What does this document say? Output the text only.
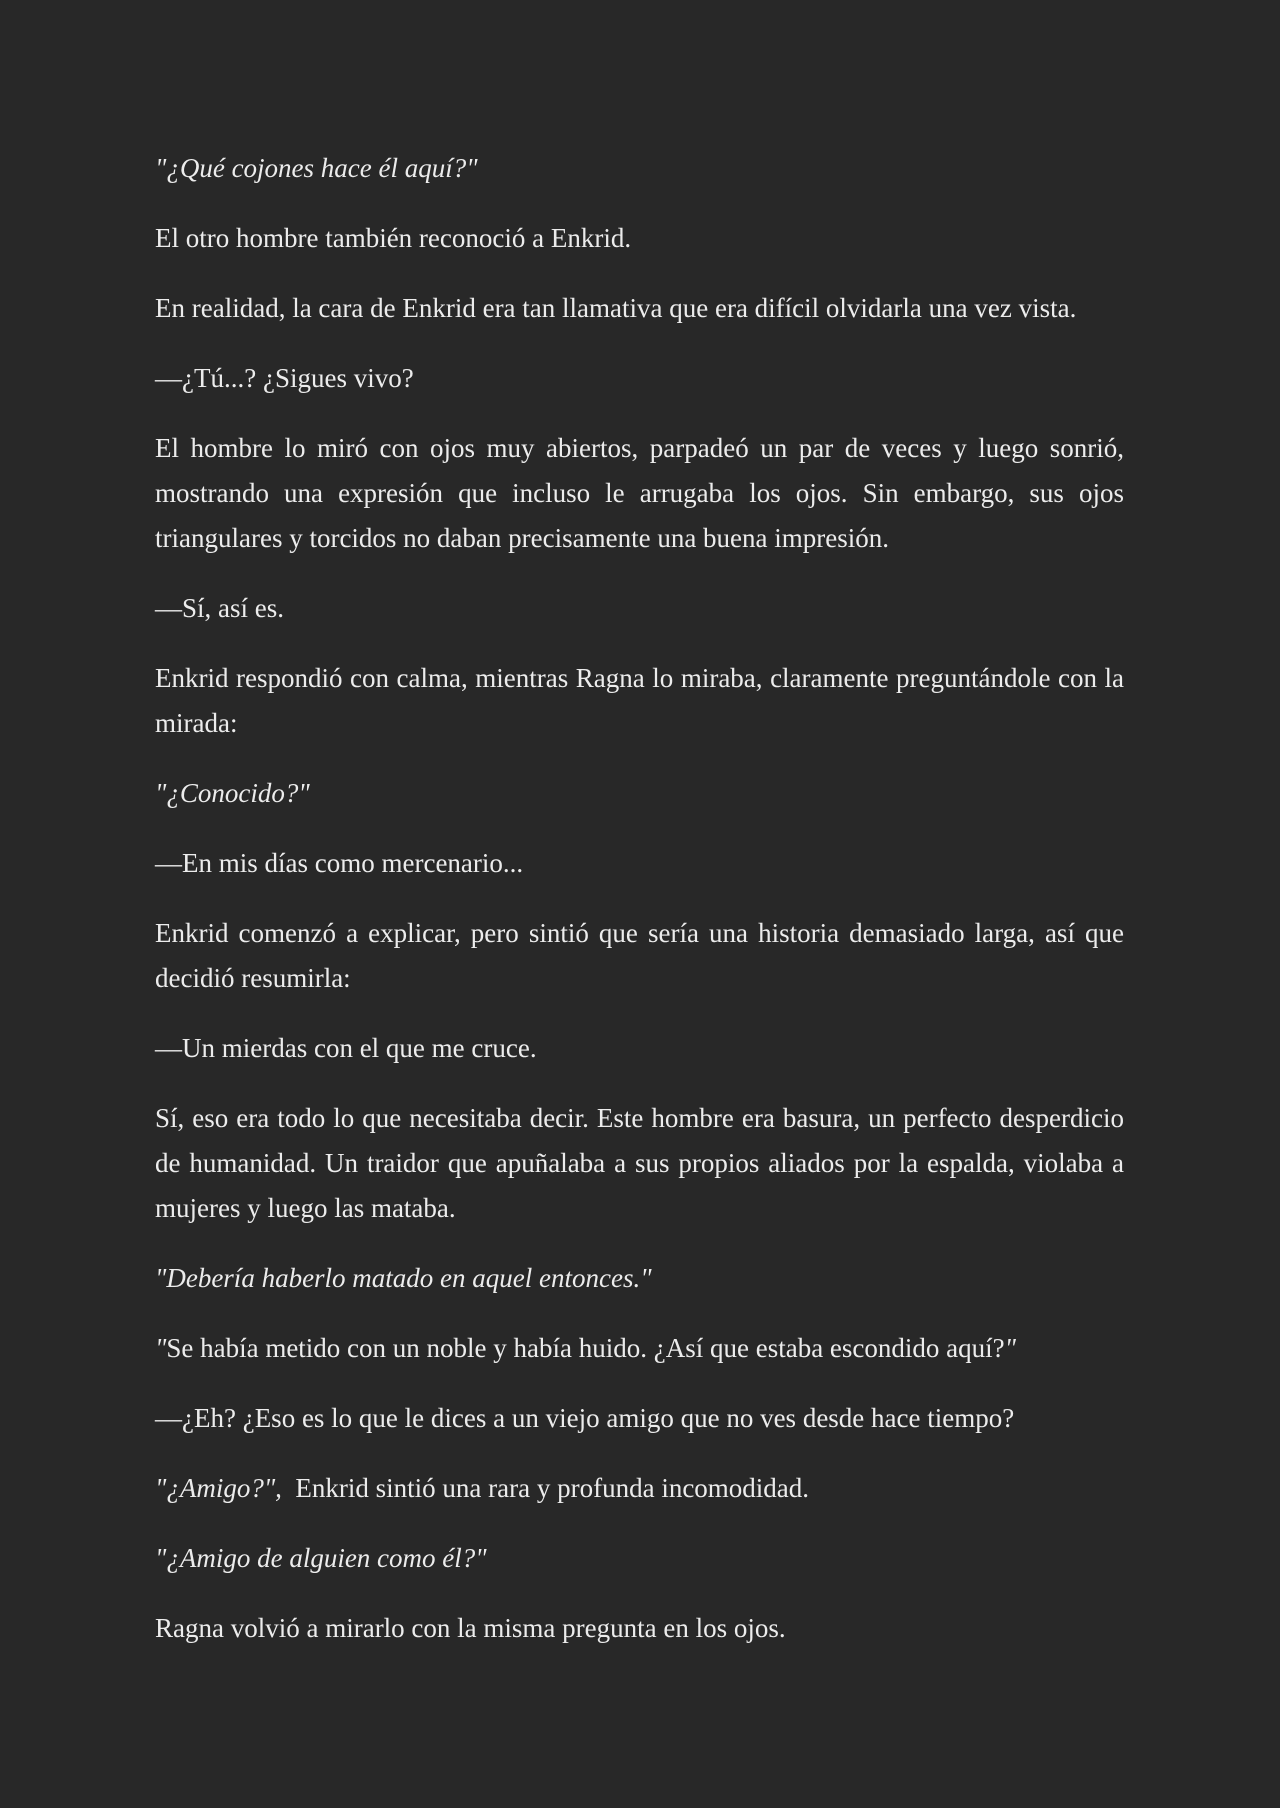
"¿Qué cojones hace él aquí?"

El otro hombre también reconoció a Enkrid.

En realidad, la cara de Enkrid era tan llamativa que era difícil olvidarla una vez vista.

—¿Tú...? ¿Sigues vivo?

El hombre lo miró con ojos muy abiertos, parpadeó un par de veces y luego sonrió, mostrando una expresión que incluso le arrugaba los ojos. Sin embargo, sus ojos triangulares y torcidos no daban precisamente una buena impresión.

—Sí, así es.

Enkrid respondió con calma, mientras Ragna lo miraba, claramente preguntándole con la mirada:

"¿Conocido?"

—En mis días como mercenario...

Enkrid comenzó a explicar, pero sintió que sería una historia demasiado larga, así que decidió resumirla:

—Un mierdas con el que me cruce.

Sí, eso era todo lo que necesitaba decir. Este hombre era basura, un perfecto desperdicio de humanidad. Un traidor que apuñalaba a sus propios aliados por la espalda, violaba a mujeres y luego las mataba.

"Debería haberlo matado en aquel entonces."

"Se había metido con un noble y había huido. ¿Así que estaba escondido aquí?"

—¿Eh? ¿Eso es lo que le dices a un viejo amigo que no ves desde hace tiempo?

"¿Amigo?",  Enkrid sintió una rara y profunda incomodidad.

"¿Amigo de alguien como él?"

Ragna volvió a mirarlo con la misma pregunta en los ojos.
